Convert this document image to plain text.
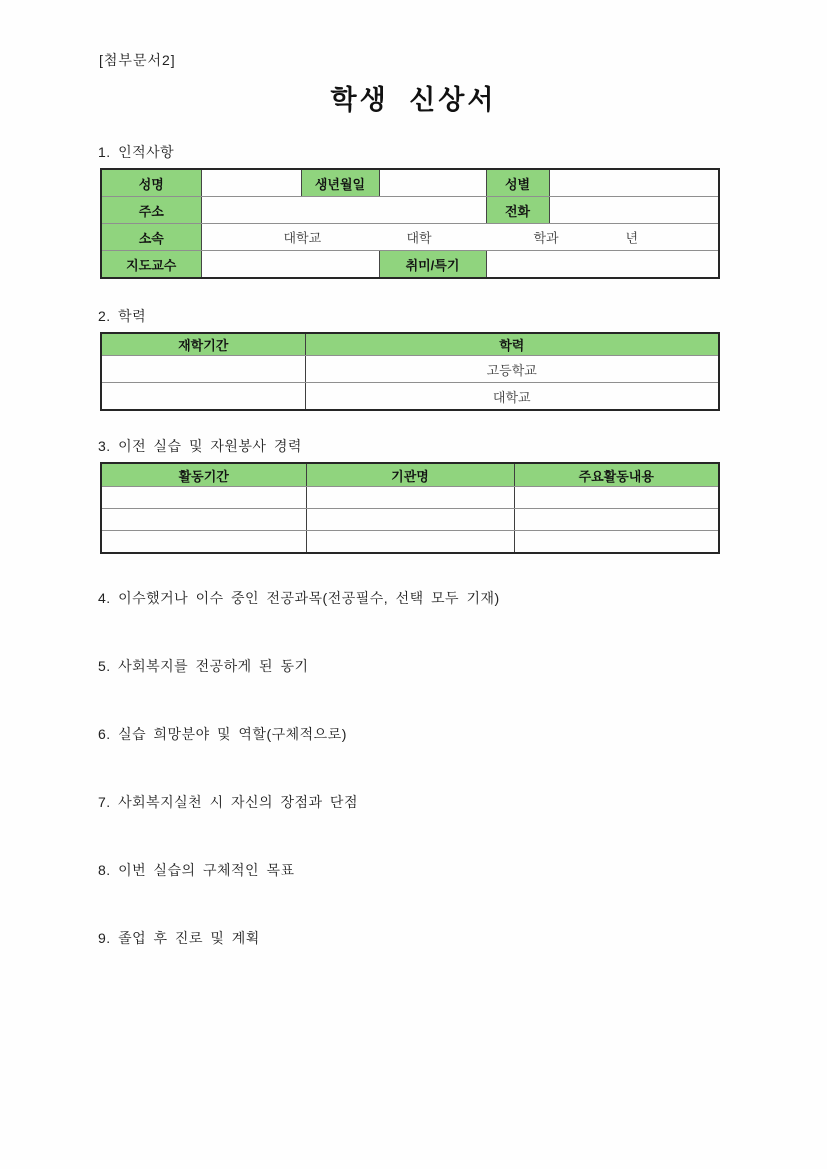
[첨부문서2]
학생 신상서
1. 인적사항
성명		생년월일		성별	
주소				전화	
소속	대학교 대학 학과 년				

지도교수			취미/특기		
2. 학력
재학기간	학력
	고등학교
	대학교
3. 이전 실습 및 자원봉사 경력
활동기간	기관명	주요활동내용

4. 이수했거나 이수 중인 전공과목(전공필수, 선택 모두 기재)
5. 사회복지를 전공하게 된 동기
6. 실습 희망분야 및 역할(구체적으로)
7. 사회복지실천 시 자신의 장점과 단점
8. 이번 실습의 구체적인 목표
9. 졸업 후 진로 및 계획
